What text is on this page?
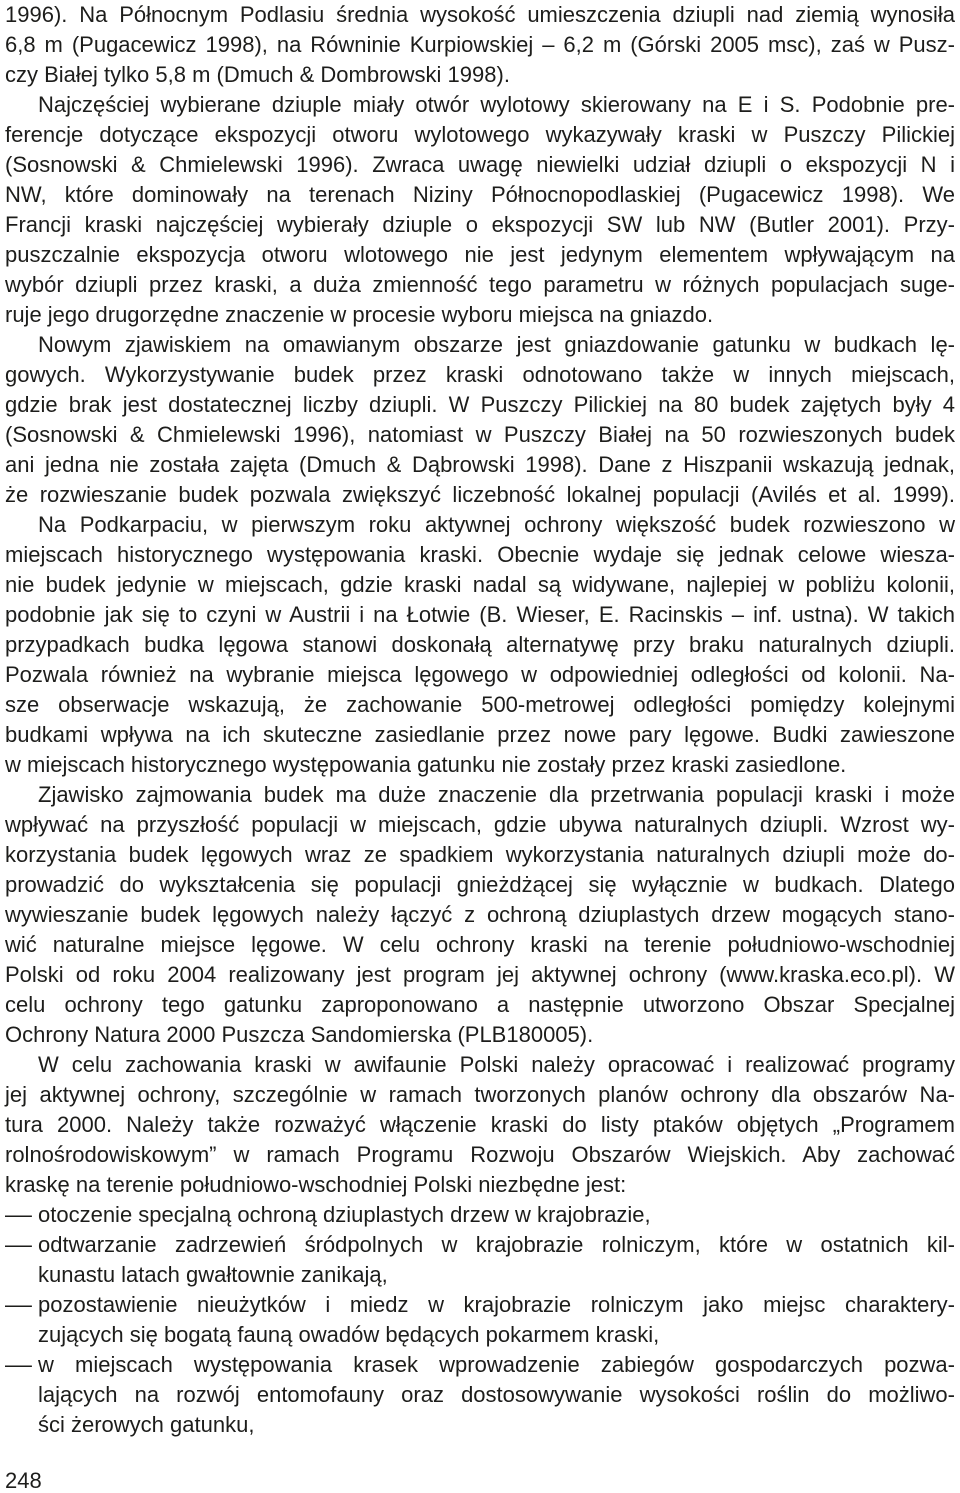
1996). Na Północnym Podlasiu średnia wysokość umieszczenia dziupli nad ziemią wynosiła
6,8 m (Pugacewicz 1998), na Równinie Kurpiowskiej – 6,2 m (Górski 2005 msc), zaś w Pusz-
czy Białej tylko 5,8 m (Dmuch & Dombrowski 1998).
Najczęściej wybierane dziuple miały otwór wylotowy skierowany na E i S. Podobnie pre-
ferencje dotyczące ekspozycji otworu wylotowego wykazywały kraski w Puszczy Pilickiej
(Sosnowski & Chmielewski 1996). Zwraca uwagę niewielki udział dziupli o ekspozycji N i
NW, które dominowały na terenach Niziny Północnopodlaskiej (Pugacewicz 1998). We
Francji kraski najczęściej wybierały dziuple o ekspozycji SW lub NW (Butler 2001). Przy-
puszczalnie ekspozycja otworu wlotowego nie jest jedynym elementem wpływającym na
wybór dziupli przez kraski, a duża zmienność tego parametru w różnych populacjach suge-
ruje jego drugorzędne znaczenie w procesie wyboru miejsca na gniazdo.
Nowym zjawiskiem na omawianym obszarze jest gniazdowanie gatunku w budkach lę-
gowych. Wykorzystywanie budek przez kraski odnotowano także w innych miejscach,
gdzie brak jest dostatecznej liczby dziupli. W Puszczy Pilickiej na 80 budek zajętych były 4
(Sosnowski & Chmielewski 1996), natomiast w Puszczy Białej na 50 rozwieszonych budek
ani jedna nie została zajęta (Dmuch & Dąbrowski 1998). Dane z Hiszpanii wskazują jednak,
że rozwieszanie budek pozwala zwiększyć liczebność lokalnej populacji (Avilés et al. 1999).
Na Podkarpaciu, w pierwszym roku aktywnej ochrony większość budek rozwieszono w
miejscach historycznego występowania kraski. Obecnie wydaje się jednak celowe wiesza-
nie budek jedynie w miejscach, gdzie kraski nadal są widywane, najlepiej w pobliżu kolonii,
podobnie jak się to czyni w Austrii i na Łotwie (B. Wieser, E. Racinskis – inf. ustna). W takich
przypadkach budka lęgowa stanowi doskonałą alternatywę przy braku naturalnych dziupli.
Pozwala również na wybranie miejsca lęgowego w odpowiedniej odległości od kolonii. Na-
sze obserwacje wskazują, że zachowanie 500-metrowej odległości pomiędzy kolejnymi
budkami wpływa na ich skuteczne zasiedlanie przez nowe pary lęgowe. Budki zawieszone
w miejscach historycznego występowania gatunku nie zostały przez kraski zasiedlone.
Zjawisko zajmowania budek ma duże znaczenie dla przetrwania populacji kraski i może
wpływać na przyszłość populacji w miejscach, gdzie ubywa naturalnych dziupli. Wzrost wy-
korzystania budek lęgowych wraz ze spadkiem wykorzystania naturalnych dziupli może do-
prowadzić do wykształcenia się populacji gnieżdżącej się wyłącznie w budkach. Dlatego
wywieszanie budek lęgowych należy łączyć z ochroną dziuplastych drzew mogących stano-
wić naturalne miejsce lęgowe. W celu ochrony kraski na terenie południowo-wschodniej
Polski od roku 2004 realizowany jest program jej aktywnej ochrony (www.kraska.eco.pl). W
celu ochrony tego gatunku zaproponowano a następnie utworzono Obszar Specjalnej
Ochrony Natura 2000 Puszcza Sandomierska (PLB180005).
W celu zachowania kraski w awifaunie Polski należy opracować i realizować programy
jej aktywnej ochrony, szczególnie w ramach tworzonych planów ochrony dla obszarów Na-
tura 2000. Należy także rozważyć włączenie kraski do listy ptaków objętych „Programem
rolnośrodowiskowym” w ramach Programu Rozwoju Obszarów Wiejskich. Aby zachować
kraskę na terenie południowo-wschodniej Polski niezbędne jest:
– otoczenie specjalną ochroną dziuplastych drzew w krajobrazie,
– odtwarzanie zadrzewień śródpolnych w krajobrazie rolniczym, które w ostatnich kil-
kunastu latach gwałtownie zanikają,
– pozostawienie nieużytków i miedz w krajobrazie rolniczym jako miejsc charaktery-
zujących się bogatą fauną owadów będących pokarmem kraski,
– w miejscach występowania krasek wprowadzenie zabiegów gospodarczych pozwa-
lających na rozwój entomofauny oraz dostosowywanie wysokości roślin do możliwo-
ści żerowych gatunku,
248
